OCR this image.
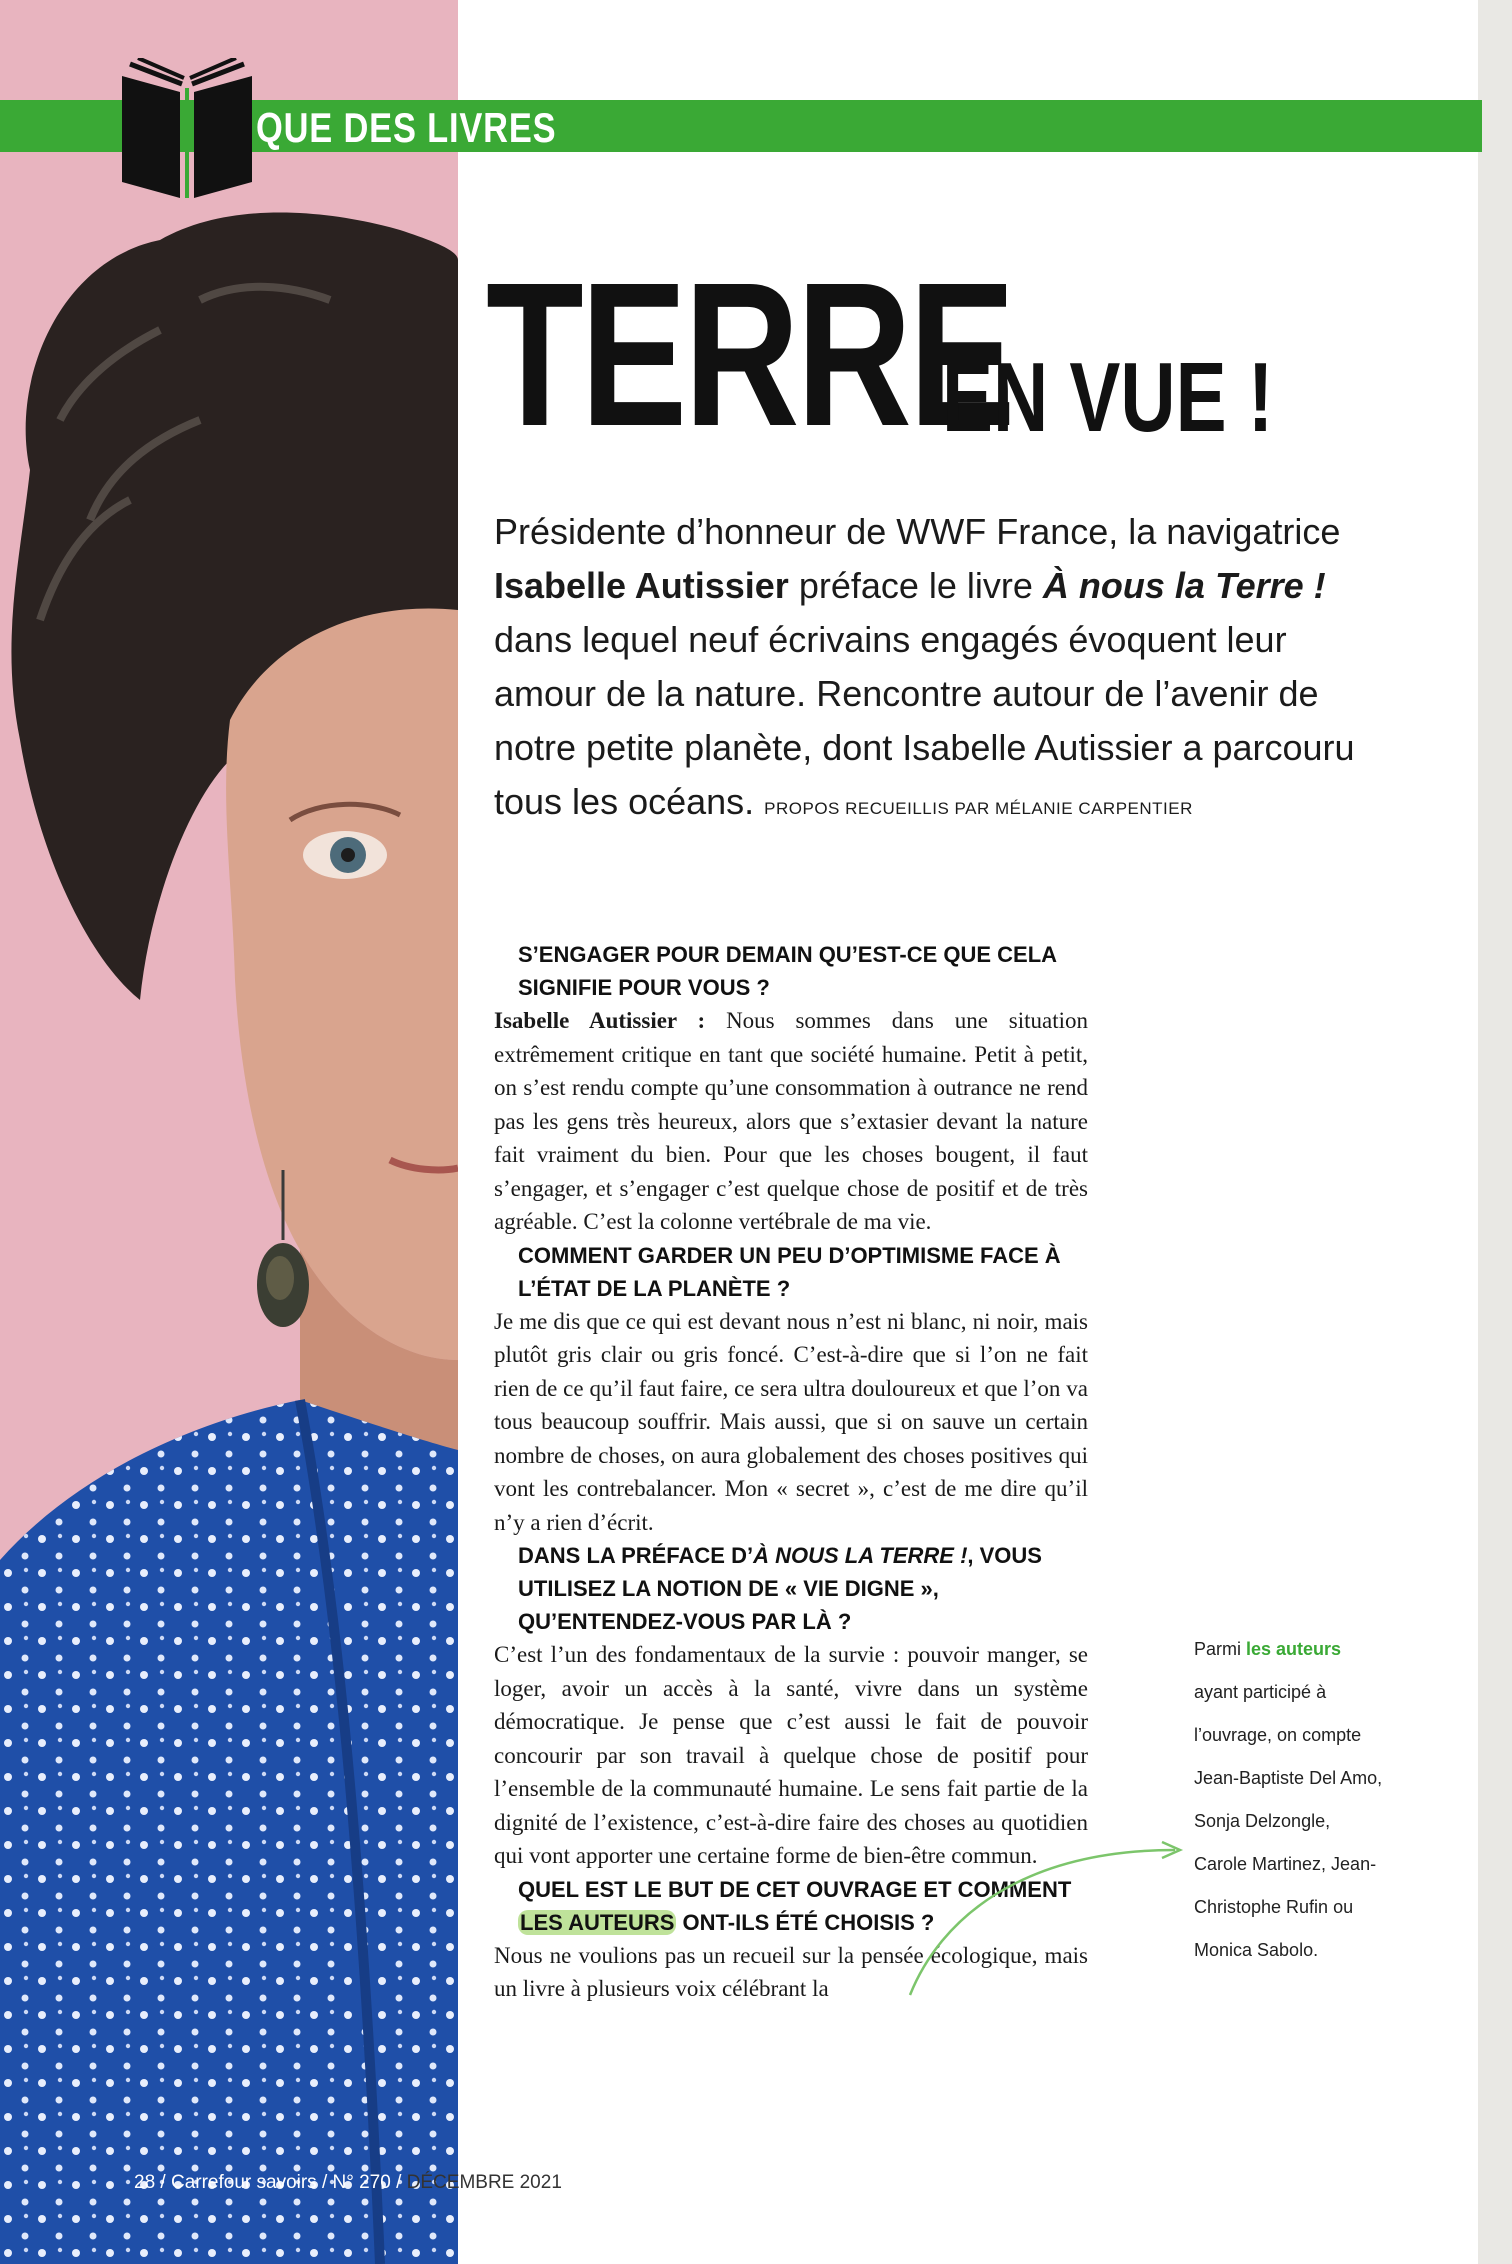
QUE DES LIVRES
TERRE
EN VUE !
Présidente d’honneur de WWF France, la navigatrice Isabelle Autissier préface le livre À nous la Terre ! dans lequel neuf écrivains engagés évoquent leur amour de la nature. Rencontre autour de l’avenir de notre petite planète, dont Isabelle Autissier a parcouru tous les océans. PROPOS RECUEILLIS PAR MÉLANIE CARPENTIER

S’ENGAGER POUR DEMAIN QU’EST-CE QUE CELA SIGNIFIE POUR VOUS ?

Isabelle Autissier : Nous sommes dans une situation extrêmement critique en tant que société humaine. Petit à petit, on s’est rendu compte qu’une consommation à outrance ne rend pas les gens très heureux, alors que s’extasier devant la nature fait vraiment du bien. Pour que les choses bougent, il faut s’engager, et s’engager c’est quelque chose de positif et de très agréable. C’est la colonne vertébrale de ma vie.

COMMENT GARDER UN PEU D’OPTIMISME FACE À L’ÉTAT DE LA PLANÈTE ?

Je me dis que ce qui est devant nous n’est ni blanc, ni noir, mais plutôt gris clair ou gris foncé. C’est-à-dire que si l’on ne fait rien de ce qu’il faut faire, ce sera ultra douloureux et que l’on va tous beaucoup souffrir. Mais aussi, que si on sauve un certain nombre de choses, on aura globalement des choses positives qui vont les contrebalancer. Mon « secret », c’est de me dire qu’il n’y a rien d’écrit.

DANS LA PRÉFACE D’À NOUS LA TERRE !, VOUS UTILISEZ LA NOTION DE « VIE DIGNE », QU’ENTENDEZ-VOUS PAR LÀ ?

C’est l’un des fondamentaux de la survie : pouvoir manger, se loger, avoir un accès à la santé, vivre dans un système démocratique. Je pense que c’est aussi le fait de pouvoir concourir par son travail à quelque chose de positif pour l’ensemble de la communauté humaine. Le sens fait partie de la dignité de l’existence, c’est-à-dire faire des choses au quotidien qui vont apporter une certaine forme de bien-être commun.

QUEL EST LE BUT DE CET OUVRAGE ET COMMENT LES AUTEURS ONT-ILS ÉTÉ CHOISIS ?

Nous ne voulions pas un recueil sur la pensée écologique, mais un livre à plusieurs voix célébrant la

Parmi les auteurs ayant participé à l’ouvrage, on compte Jean-Baptiste Del Amo, Sonja Delzongle, Carole Martinez, Jean-Christophe Rufin ou Monica Sabolo.
28 / Carrefour savoirs / N° 270 / DÉCEMBRE 2021
